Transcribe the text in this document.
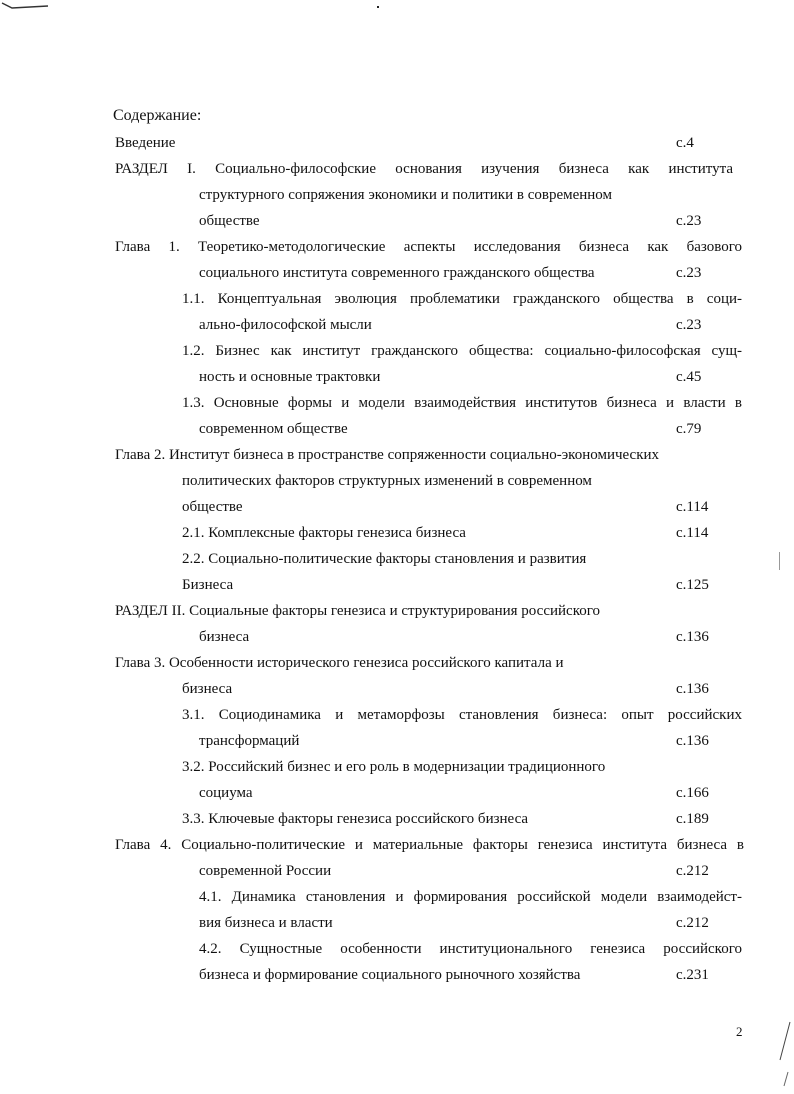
Содержание:
Введение	с.4
РАЗДЕЛ I. Социально-философские основания изучения бизнеса как института
структурного сопряжения экономики и политики в современном
обществе	с.23
Глава 1. Теоретико-методологические аспекты исследования бизнеса как базового
социального института современного гражданского общества	с.23
1.1. Концептуальная эволюция проблематики гражданского общества в соци-
ально-философской мысли	с.23
1.2. Бизнес как институт гражданского общества: социально-философская сущ-
ность и основные трактовки	с.45
1.3. Основные формы и модели взаимодействия институтов бизнеса и власти в
современном обществе	с.79
Глава 2. Институт бизнеса в пространстве сопряженности социально-экономических
политических факторов структурных изменений в современном
обществе	с.114
2.1. Комплексные факторы генезиса бизнеса	с.114
2.2. Социально-политические факторы становления и развития
Бизнеса	с.125
РАЗДЕЛ II. Социальные факторы генезиса и структурирования российского
бизнеса	с.136
Глава 3. Особенности исторического генезиса российского капитала и
бизнеса	с.136
3.1. Социодинамика и метаморфозы становления бизнеса: опыт российских
трансформаций	с.136
3.2. Российский бизнес и его роль в модернизации традиционного
социума	с.166
3.3. Ключевые факторы генезиса российского бизнеса	с.189
Глава 4. Социально-политические и материальные факторы генезиса института бизнеса в
современной России	с.212
4.1. Динамика становления и формирования российской модели взаимодейст-
вия бизнеса и власти	с.212
4.2. Сущностные особенности институционального генезиса российского
бизнеса и формирование социального рыночного хозяйства	с.231
2
